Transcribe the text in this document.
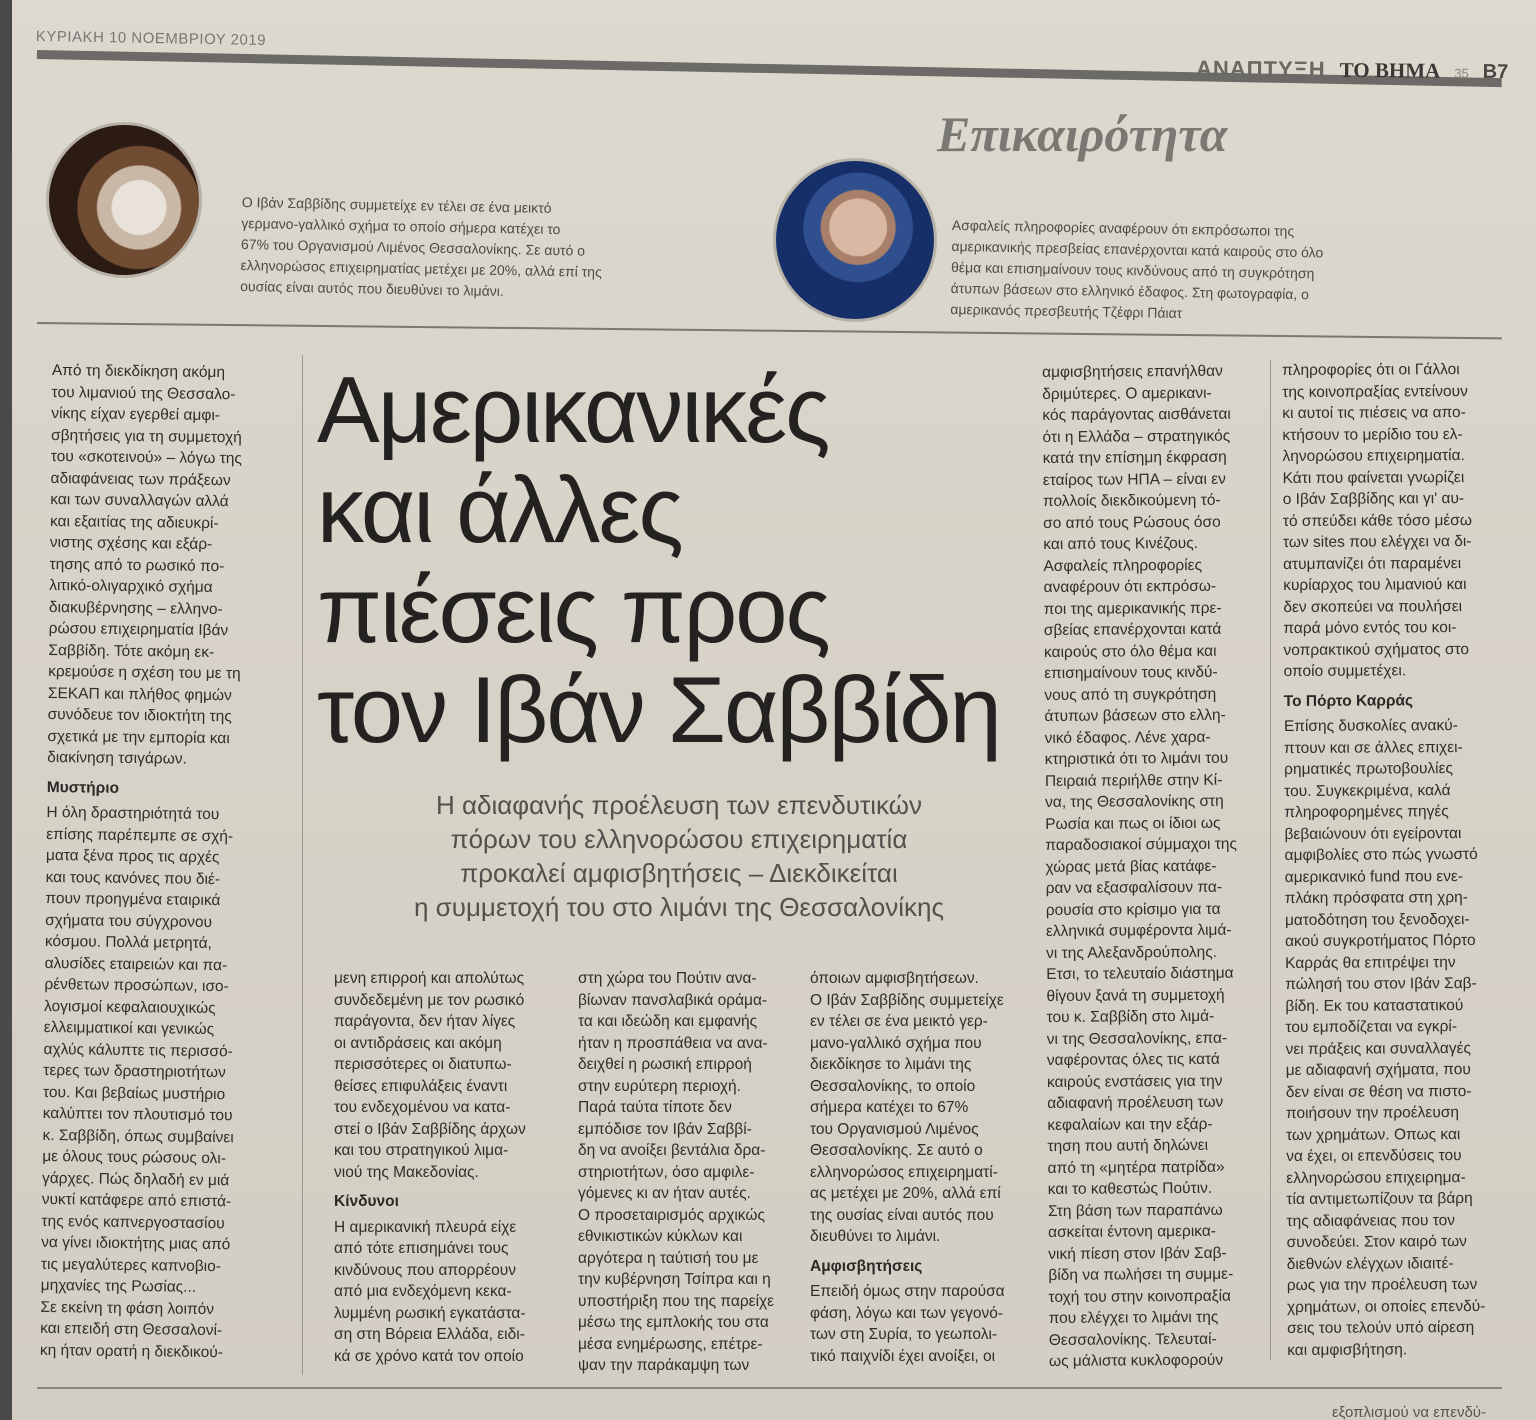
ΚΥΡΙΑΚΗ 10 ΝΟΕΜΒΡΙΟΥ 2019
ΑΝΑΠΤΥΞΗ ΤΟ ΒΗΜΑ 35 Β7
Επικαιρότητα
Ο Ιβάν Σαββίδης συμμετείχε εν τέλει σε ένα μεικτό
γερμανο-γαλλικό σχήμα το οποίο σήμερα κατέχει το
67% του Οργανισμού Λιμένος Θεσσαλονίκης. Σε αυτό ο
ελληνορώσος επιχειρηματίας μετέχει με 20%, αλλά επί της
ουσίας είναι αυτός που διευθύνει το λιμάνι.
Ασφαλείς πληροφορίες αναφέρουν ότι εκπρόσωποι της
αμερικανικής πρεσβείας επανέρχονται κατά καιρούς στο όλο
θέμα και επισημαίνουν τους κινδύνους από τη συγκρότηση
άτυπων βάσεων στο ελληνικό έδαφος. Στη φωτογραφία, ο
αμερικανός πρεσβευτής Τζέφρι Πάιατ
Αμερικανικές
και άλλες
πιέσεις προς
τον Ιβάν Σαββίδη
Η αδιαφανής προέλευση των επενδυτικών
πόρων του ελληνορώσου επιχειρηματία
προκαλεί αμφισβητήσεις – Διεκδικείται
η συμμετοχή του στο λιμάνι της Θεσσαλονίκης
Από τη διεκδίκηση ακόμη
του λιμανιού της Θεσσαλο-
νίκης είχαν εγερθεί αμφι-
σβητήσεις για τη συμμετοχή
του «σκοτεινού» – λόγω της
αδιαφάνειας των πράξεων
και των συναλλαγών αλλά
και εξαιτίας της αδιευκρί-
νιστης σχέσης και εξάρ-
τησης από το ρωσικό πο-
λιτικό-ολιγαρχικό σχήμα
διακυβέρνησης – ελληνο-
ρώσου επιχειρηματία Ιβάν
Σαββίδη. Τότε ακόμη εκ-
κρεμούσε η σχέση του με τη
ΣΕΚΑΠ και πλήθος φημών
συνόδευε τον ιδιοκτήτη της
σχετικά με την εμπορία και
διακίνηση τσιγάρων.
Μυστήριο
Η όλη δραστηριότητά του
επίσης παρέπεμπε σε σχή-
ματα ξένα προς τις αρχές
και τους κανόνες που διέ-
πουν προηγμένα εταιρικά
σχήματα του σύγχρονου
κόσμου. Πολλά μετρητά,
αλυσίδες εταιρειών και πα-
ρένθετων προσώπων, ισο-
λογισμοί κεφαλαιουχικώς
ελλειμματικοί και γενικώς
αχλύς κάλυπτε τις περισσό-
τερες των δραστηριοτήτων
του. Και βεβαίως μυστήριο
καλύπτει τον πλουτισμό του
κ. Σαββίδη, όπως συμβαίνει
με όλους τους ρώσους ολι-
γάρχες. Πώς δηλαδή εν μιά
νυκτί κατάφερε από επιστά-
της ενός καπνεργοστασίου
να γίνει ιδιοκτήτης μιας από
τις μεγαλύτερες καπνοβιο-
μηχανίες της Ρωσίας...
Σε εκείνη τη φάση λοιπόν
και επειδή στη Θεσσαλονί-
κη ήταν ορατή η διεκδικού-
μενη επιρροή και απολύτως
συνδεδεμένη με τον ρωσικό
παράγοντα, δεν ήταν λίγες
οι αντιδράσεις και ακόμη
περισσότερες οι διατυπω-
θείσες επιφυλάξεις έναντι
του ενδεχομένου να κατα-
στεί ο Ιβάν Σαββίδης άρχων
και του στρατηγικού λιμα-
νιού της Μακεδονίας.
Κίνδυνοι
Η αμερικανική πλευρά είχε
από τότε επισημάνει τους
κινδύνους που απορρέουν
από μια ενδεχόμενη κεκα-
λυμμένη ρωσική εγκατάστα-
ση στη Βόρεια Ελλάδα, ειδι-
κά σε χρόνο κατά τον οποίο
στη χώρα του Πούτιν ανα-
βίωναν πανσλαβικά οράμα-
τα και ιδεώδη και εμφανής
ήταν η προσπάθεια να ανα-
δειχθεί η ρωσική επιρροή
στην ευρύτερη περιοχή.
Παρά ταύτα τίποτε δεν
εμπόδισε τον Ιβάν Σαββί-
δη να ανοίξει βεντάλια δρα-
στηριοτήτων, όσο αμφιλε-
γόμενες κι αν ήταν αυτές.
Ο προσεταιρισμός αρχικώς
εθνικιστικών κύκλων και
αργότερα η ταύτισή του με
την κυβέρνηση Τσίπρα και η
υποστήριξη που της παρείχε
μέσω της εμπλοκής του στα
μέσα ενημέρωσης, επέτρε-
ψαν την παράκαμψη των
όποιων αμφισβητήσεων.
Ο Ιβάν Σαββίδης συμμετείχε
εν τέλει σε ένα μεικτό γερ-
μανο-γαλλικό σχήμα που
διεκδίκησε το λιμάνι της
Θεσσαλονίκης, το οποίο
σήμερα κατέχει το 67%
του Οργανισμού Λιμένος
Θεσσαλονίκης. Σε αυτό ο
ελληνορώσος επιχειρηματί-
ας μετέχει με 20%, αλλά επί
της ουσίας είναι αυτός που
διευθύνει το λιμάνι.
Αμφισβητήσεις
Επειδή όμως στην παρούσα
φάση, λόγω και των γεγονό-
των στη Συρία, το γεωπολι-
τικό παιχνίδι έχει ανοίξει, οι
αμφισβητήσεις επανήλθαν
δριμύτερες. Ο αμερικανι-
κός παράγοντας αισθάνεται
ότι η Ελλάδα – στρατηγικός
κατά την επίσημη έκφραση
εταίρος των ΗΠΑ – είναι εν
πολλοίς διεκδικούμενη τό-
σο από τους Ρώσους όσο
και από τους Κινέζους.
Ασφαλείς πληροφορίες
αναφέρουν ότι εκπρόσω-
ποι της αμερικανικής πρε-
σβείας επανέρχονται κατά
καιρούς στο όλο θέμα και
επισημαίνουν τους κινδύ-
νους από τη συγκρότηση
άτυπων βάσεων στο ελλη-
νικό έδαφος. Λένε χαρα-
κτηριστικά ότι το λιμάνι του
Πειραιά περιήλθε στην Κί-
να, της Θεσσαλονίκης στη
Ρωσία και πως οι ίδιοι ως
παραδοσιακοί σύμμαχοι της
χώρας μετά βίας κατάφε-
ραν να εξασφαλίσουν πα-
ρουσία στο κρίσιμο για τα
ελληνικά συμφέροντα λιμά-
νι της Αλεξανδρούπολης.
Ετσι, το τελευταίο διάστημα
θίγουν ξανά τη συμμετοχή
του κ. Σαββίδη στο λιμά-
νι της Θεσσαλονίκης, επα-
ναφέροντας όλες τις κατά
καιρούς ενστάσεις για την
αδιαφανή προέλευση των
κεφαλαίων και την εξάρ-
τηση που αυτή δηλώνει
από τη «μητέρα πατρίδα»
και το καθεστώς Πούτιν.
Στη βάση των παραπάνω
ασκείται έντονη αμερικα-
νική πίεση στον Ιβάν Σαβ-
βίδη να πωλήσει τη συμμε-
τοχή του στην κοινοπραξία
που ελέγχει το λιμάνι της
Θεσσαλονίκης. Τελευταί-
ως μάλιστα κυκλοφορούν
πληροφορίες ότι οι Γάλλοι
της κοινοπραξίας εντείνουν
κι αυτοί τις πιέσεις να απο-
κτήσουν το μερίδιο του ελ-
ληνορώσου επιχειρηματία.
Κάτι που φαίνεται γνωρίζει
ο Ιβάν Σαββίδης και γι' αυ-
τό σπεύδει κάθε τόσο μέσω
των sites που ελέγχει να δι-
ατυμπανίζει ότι παραμένει
κυρίαρχος του λιμανιού και
δεν σκοπεύει να πουλήσει
παρά μόνο εντός του κοι-
νοπρακτικού σχήματος στο
οποίο συμμετέχει.
Το Πόρτο Καρράς
Επίσης δυσκολίες ανακύ-
πτουν και σε άλλες επιχει-
ρηματικές πρωτοβουλίες
του. Συγκεκριμένα, καλά
πληροφορημένες πηγές
βεβαιώνουν ότι εγείρονται
αμφιβολίες στο πώς γνωστό
αμερικανικό fund που ενε-
πλάκη πρόσφατα στη χρη-
ματοδότηση του ξενοδοχει-
ακού συγκροτήματος Πόρτο
Καρράς θα επιτρέψει την
πώλησή του στον Ιβάν Σαβ-
βίδη. Εκ του καταστατικού
του εμποδίζεται να εγκρί-
νει πράξεις και συναλλαγές
με αδιαφανή σχήματα, που
δεν είναι σε θέση να πιστο-
ποιήσουν την προέλευση
των χρημάτων. Οπως και
να έχει, οι επενδύσεις του
ελληνορώσου επιχειρημα-
τία αντιμετωπίζουν τα βάρη
της αδιαφάνειας που τον
συνοδεύει. Στον καιρό των
διεθνών ελέγχων ιδιαιτέ-
ρως για την προέλευση των
χρημάτων, οι οποίες επενδύ-
σεις του τελούν υπό αίρεση
και αμφισβήτηση.
εξοπλισμού να επενδύ-
